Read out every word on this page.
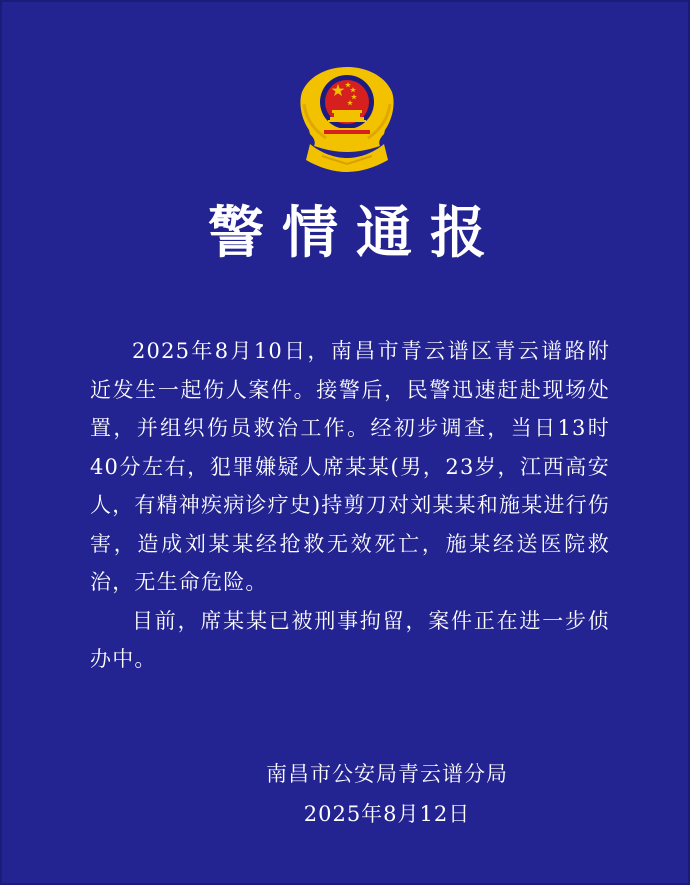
警情通报

2025年8月10日，南昌市青云谱区青云谱路附近发生一起伤人案件。接警后，民警迅速赶赴现场处置，并组织伤员救治工作。经初步调查，当日13时40分左右，犯罪嫌疑人席某某(男，23岁，江西高安人，有精神疾病诊疗史)持剪刀对刘某某和施某进行伤害，造成刘某某经抢救无效死亡，施某经送医院救治，无生命危险。

目前，席某某已被刑事拘留，案件正在进一步侦办中。

南昌市公安局青云谱分局
2025年8月12日
